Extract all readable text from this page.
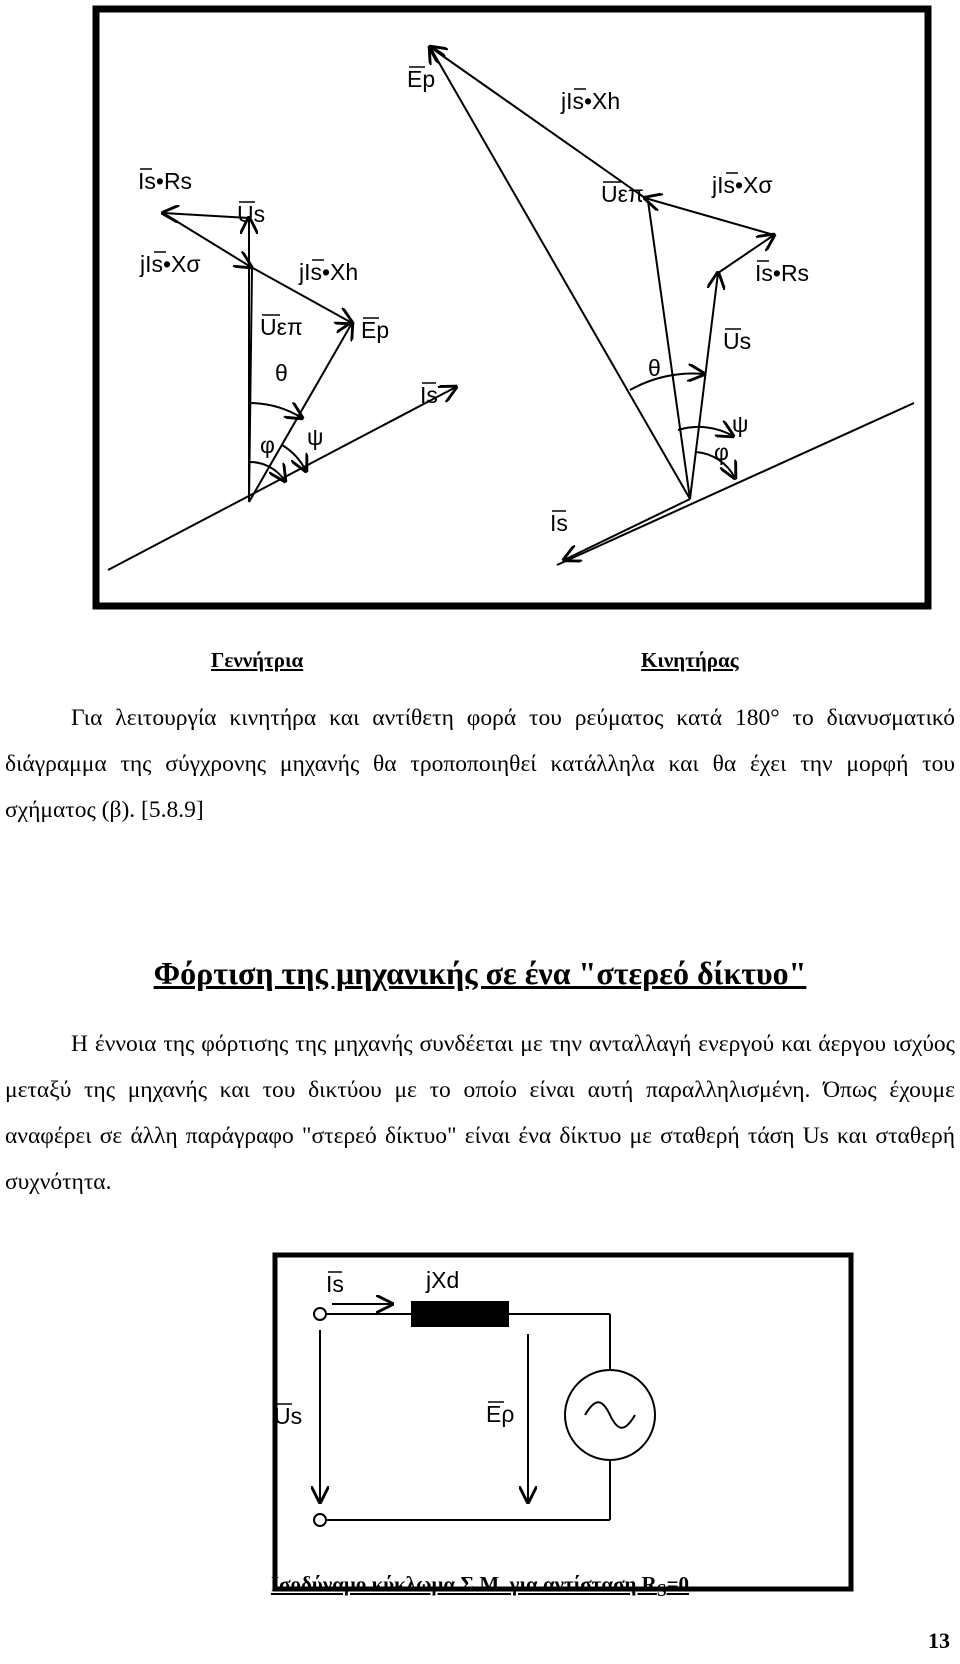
Is•Rs
Us
jIs•Xσ	jIs•Xh
Uεπ	Ep
θ
ψ
φ
Is
Ep
jIs•Xh
Uεπ	jIs•Xσ
Is•Rs
Us
θ
ψ
φ
Is
Γεννήτρια	Κινητήρας
Για λειτουργία κινητήρα και αντίθετη φορά του ρεύματος κατά 180° το διανυσματικό διάγραμμα της σύγχρονης μηχανής θα τροποποιηθεί κατάλληλα και θα έχει την μορφή του σχήματος (β). [5.8.9]
Φόρτιση της μηχανικής σε ένα "στερεό δίκτυο"
Η έννοια της φόρτισης της μηχανής συνδέεται με την ανταλλαγή ενεργού και άεργου ισχύος μεταξύ της μηχανής και του δικτύου με το οποίο είναι αυτή παραλληλισμένη. Όπως έχουμε αναφέρει σε άλλη παράγραφο "στερεό δίκτυο" είναι ένα δίκτυο με σταθερή τάση Us και σταθερή συχνότητα.
Is	jXd
Us	Eρ
Ισοδύναμο κύκλωμα Σ.Μ. για αντίσταση $R_S=0$
13
